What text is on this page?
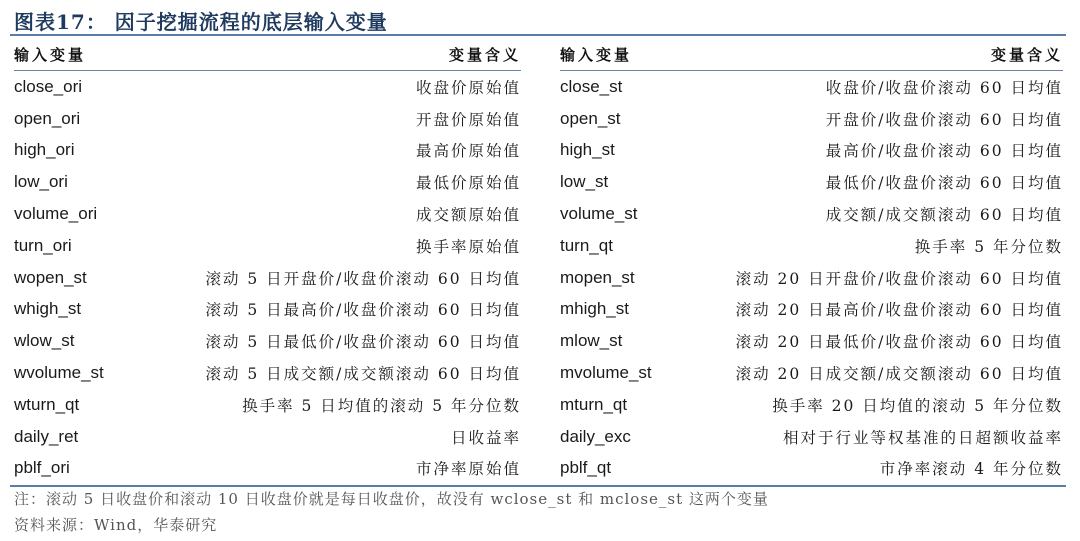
图表17： 因子挖掘流程的底层输入变量
输入变量	变量含义
close_ori	收盘价原始值
open_ori	开盘价原始值
high_ori	最高价原始值
low_ori	最低价原始值
volume_ori	成交额原始值
turn_ori	换手率原始值
wopen_st	滚动 5 日开盘价/收盘价滚动 60 日均值
whigh_st	滚动 5 日最高价/收盘价滚动 60 日均值
wlow_st	滚动 5 日最低价/收盘价滚动 60 日均值
wvolume_st	滚动 5 日成交额/成交额滚动 60 日均值
wturn_qt	换手率 5 日均值的滚动 5 年分位数
daily_ret	日收益率
pblf_ori	市净率原始值
输入变量	变量含义
close_st	收盘价/收盘价滚动 60 日均值
open_st	开盘价/收盘价滚动 60 日均值
high_st	最高价/收盘价滚动 60 日均值
low_st	最低价/收盘价滚动 60 日均值
volume_st	成交额/成交额滚动 60 日均值
turn_qt	换手率 5 年分位数
mopen_st	滚动 20 日开盘价/收盘价滚动 60 日均值
mhigh_st	滚动 20 日最高价/收盘价滚动 60 日均值
mlow_st	滚动 20 日最低价/收盘价滚动 60 日均值
mvolume_st	滚动 20 日成交额/成交额滚动 60 日均值
mturn_qt	换手率 20 日均值的滚动 5 年分位数
daily_exc	相对于行业等权基准的日超额收益率
pblf_qt	市净率滚动 4 年分位数
注：滚动 5 日收盘价和滚动 10 日收盘价就是每日收盘价，故没有 wclose_st 和 mclose_st 这两个变量
资料来源：Wind，华泰研究
